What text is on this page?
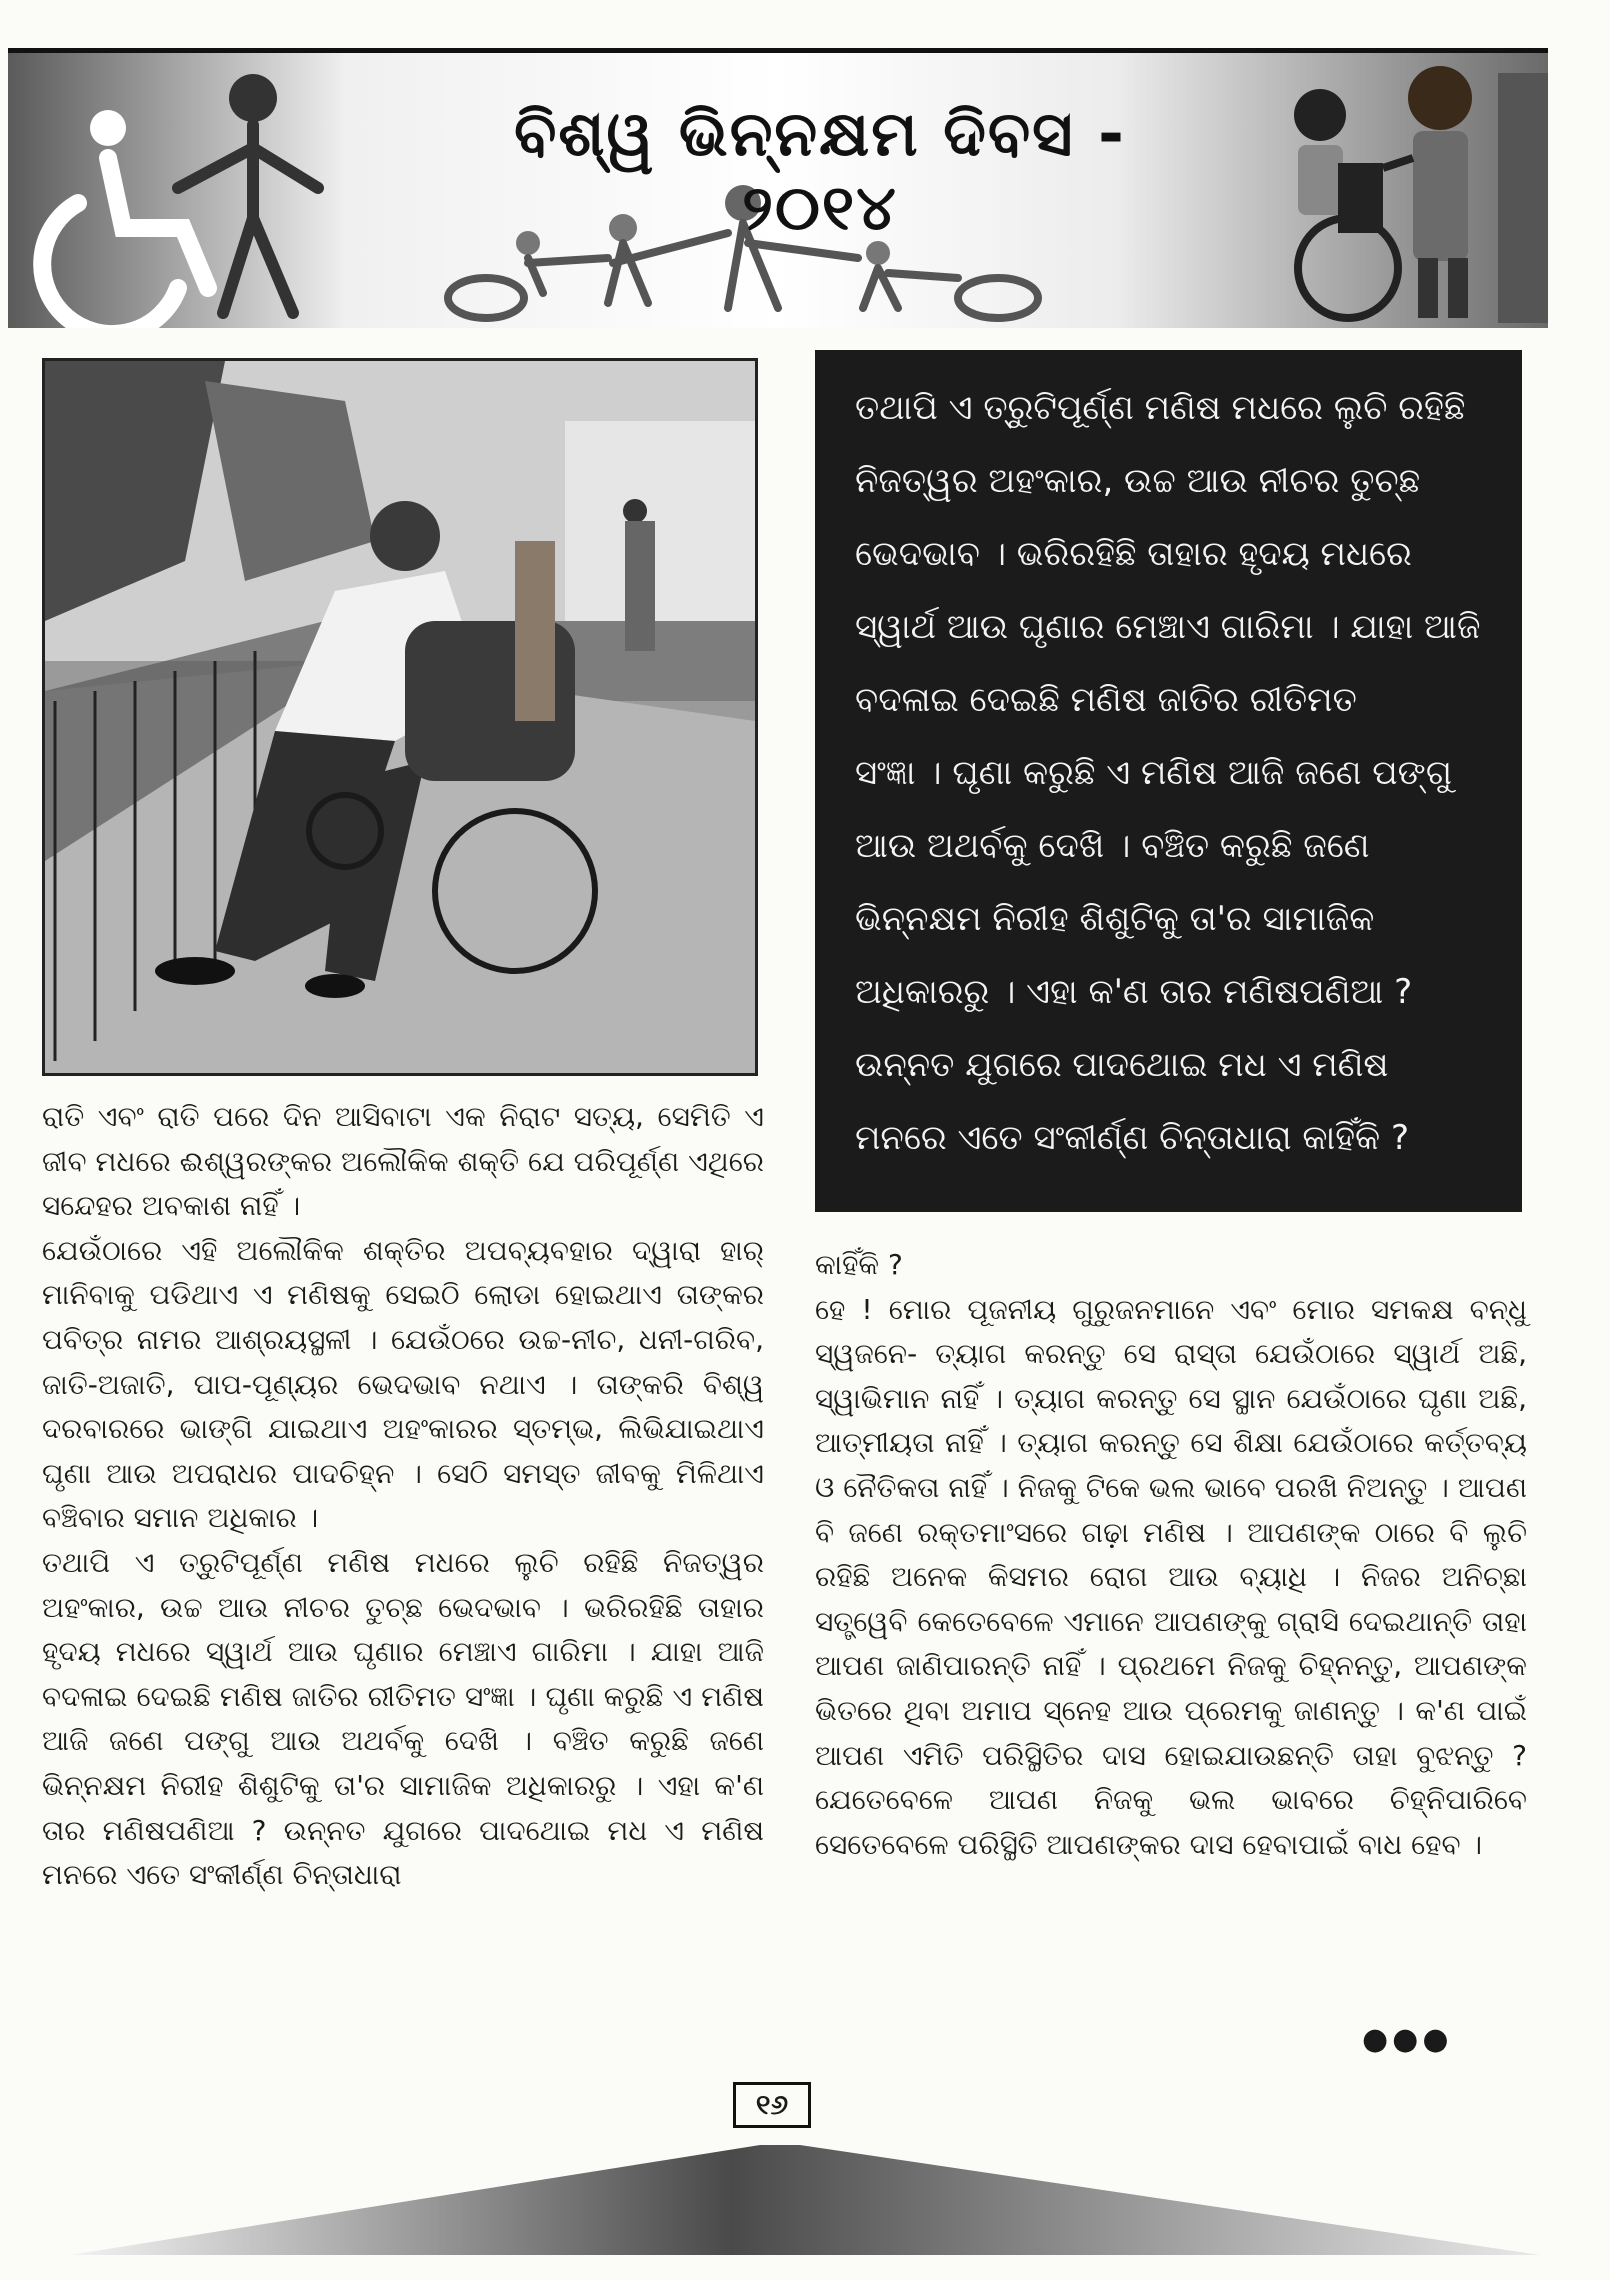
ବିଶ୍ୱ ଭିନ୍ନକ୍ଷମ ଦିବସ - ୨୦୧୪

ତଥାପି ଏ ତ୍ରୁଟିପୂର୍ଣ୍ଣ ମଣିଷ ମଧରେ ଲୁଚି ରହିଛି

ନିଜତ୍ୱର ଅହଂକାର, ଉଚ୍ଚ ଆଉ ନୀଚର ତୁଚ୍ଛ

ଭେଦଭାବ । ଭରିରହିଛି ତାହାର ହୃଦୟ ମଧରେ

ସ୍ୱାର୍ଥ ଆଉ ଘୃଣାର ମେଞ୍ଚାଏ ଗାରିମା । ଯାହା ଆଜି

ବଦଳାଇ ଦେଇଛି ମଣିଷ ଜାତିର ରୀତିମତ

ସଂଜ୍ଞା । ଘୃଣା କରୁଛି ଏ ମଣିଷ ଆଜି ଜଣେ ପଙ୍ଗୁ

ଆଉ ଅଥର୍ବକୁ ଦେଖି । ବଞ୍ଚିତ କରୁଛି ଜଣେ

ଭିନ୍ନକ୍ଷମ ନିରୀହ ଶିଶୁଟିକୁ ତା'ର ସାମାଜିକ

ଅଧିକାରରୁ । ଏହା କ'ଣ ତାର ମଣିଷପଣିଆ ?

ଉନ୍ନତ ଯୁଗରେ ପାଦଥୋଇ ମଧ ଏ ମଣିଷ

ମନରେ ଏତେ ସଂକୀର୍ଣ୍ଣ ଚିନ୍ତାଧାରା କାହିଁକି ?

ରାତି ଏବଂ ରାତି ପରେ ଦିନ ଆସିବାଟା ଏକ ନିରାଟ ସତ୍ୟ, ସେମିତି ଏ ଜୀବ ମଧରେ ଈଶ୍ୱରଙ୍କର ଅଲୌକିକ ଶକ୍ତି ଯେ ପରିପୂର୍ଣ୍ଣ ଏଥିରେ ସନ୍ଦେହର ଅବକାଶ ନାହିଁ ।

ଯେଉଁଠାରେ ଏହି ଅଲୌକିକ ଶକ୍ତିର ଅପବ୍ୟବହାର ଦ୍ୱାରା ହାର୍ ମାନିବାକୁ ପଡିଥାଏ ଏ ମଣିଷକୁ ସେଇଠି ଲୋଡା ହୋଇଥାଏ ତାଙ୍କର ପବିତ୍ର ନାମର ଆଶ୍ରୟସ୍ଥଳୀ । ଯେଉଁଠରେ ଉଚ୍ଚ-ନୀଚ, ଧନୀ-ଗରିବ, ଜାତି-ଅଜାତି, ପାପ-ପୂଣ୍ୟର ଭେଦଭାବ ନଥାଏ । ତାଙ୍କରି ବିଶ୍ୱ ଦରବାରରେ ଭାଙ୍ଗି ଯାଇଥାଏ ଅହଂକାରର ସ୍ତମ୍ଭ, ଲିଭିଯାଇଥାଏ ଘୃଣା ଆଉ ଅପରାଧର ପାଦଚିହ୍ନ । ସେଠି ସମସ୍ତ ଜୀବକୁ ମିଳିଥାଏ ବଞ୍ଚିବାର ସମାନ ଅଧିକାର ।

ତଥାପି ଏ ତ୍ରୁଟିପୂର୍ଣ୍ଣ ମଣିଷ ମଧରେ ଲୁଚି ରହିଛି ନିଜତ୍ୱର ଅହଂକାର, ଉଚ୍ଚ ଆଉ ନୀଚର ତୁଚ୍ଛ ଭେଦଭାବ । ଭରିରହିଛି ତାହାର ହୃଦୟ ମଧରେ ସ୍ୱାର୍ଥ ଆଉ ଘୃଣାର ମେଞ୍ଚାଏ ଗାରିମା । ଯାହା ଆଜି ବଦଳାଇ ଦେଇଛି ମଣିଷ ଜାତିର ରୀତିମତ ସଂଜ୍ଞା । ଘୃଣା କରୁଛି ଏ ମଣିଷ ଆଜି ଜଣେ ପଙ୍ଗୁ ଆଉ ଅଥର୍ବକୁ ଦେଖି । ବଞ୍ଚିତ କରୁଛି ଜଣେ ଭିନ୍ନକ୍ଷମ ନିରୀହ ଶିଶୁଟିକୁ ତା'ର ସାମାଜିକ ଅଧିକାରରୁ । ଏହା କ'ଣ ତାର ମଣିଷପଣିଆ ? ଉନ୍ନତ ଯୁଗରେ ପାଦଥୋଇ ମଧ ଏ ମଣିଷ ମନରେ ଏତେ ସଂକୀର୍ଣ୍ଣ ଚିନ୍ତାଧାରା

କାହିଁକି ?

ହେ ! ମୋର ପୂଜନୀୟ ଗୁରୁଜନମାନେ ଏବଂ ମୋର ସମକକ୍ଷ ବନ୍ଧୁ ସ୍ୱଜନେ- ତ୍ୟାଗ କରନ୍ତୁ ସେ ରାସ୍ତା ଯେଉଁଠାରେ ସ୍ୱାର୍ଥ ଅଛି, ସ୍ୱାଭିମାନ ନାହିଁ । ତ୍ୟାଗ କରନ୍ତୁ ସେ ସ୍ଥାନ ଯେଉଁଠାରେ ଘୃଣା ଅଛି, ଆତ୍ମୀୟତା ନାହିଁ । ତ୍ୟାଗ କରନ୍ତୁ ସେ ଶିକ୍ଷା ଯେଉଁଠାରେ କର୍ତ୍ତବ୍ୟ ଓ ନୈତିକତା ନାହିଁ । ନିଜକୁ ଟିକେ ଭଲ ଭାବେ ପରଖି ନିଅନ୍ତୁ । ଆପଣ ବି ଜଣେ ରକ୍ତମାଂସରେ ଗଢ଼ା ମଣିଷ । ଆପଣଙ୍କ ଠାରେ ବି ଲୁଚି ରହିଛି ଅନେକ କିସମର ରୋଗ ଆଉ ବ୍ୟାଧି । ନିଜର ଅନିଚ୍ଛା ସତ୍ତ୍ୱେବି କେତେବେଳେ ଏମାନେ ଆପଣଙ୍କୁ ଗ୍ରାସି ଦେଇଥାନ୍ତି ତାହା ଆପଣ ଜାଣିପାରନ୍ତି ନାହିଁ । ପ୍ରଥମେ ନିଜକୁ ଚିହ୍ନନ୍ତୁ, ଆପଣଙ୍କ ଭିତରେ ଥିବା ଅମାପ ସ୍ନେହ ଆଉ ପ୍ରେମକୁ ଜାଣନ୍ତୁ । କ'ଣ ପାଇଁ ଆପଣ ଏମିତି ପରିସ୍ଥିତିର ଦାସ ହୋଇଯାଉଛନ୍ତି ତାହା ବୁଝନ୍ତୁ ? ଯେତେବେଳେ ଆପଣ ନିଜକୁ ଭଲ ଭାବରେ ଚିହ୍ନିପାରିବେ ସେତେବେଳେ ପରିସ୍ଥିତି ଆପଣଙ୍କର ଦାସ ହେବାପାଇଁ ବାଧ ହେବ ।

●●●
୧୬
